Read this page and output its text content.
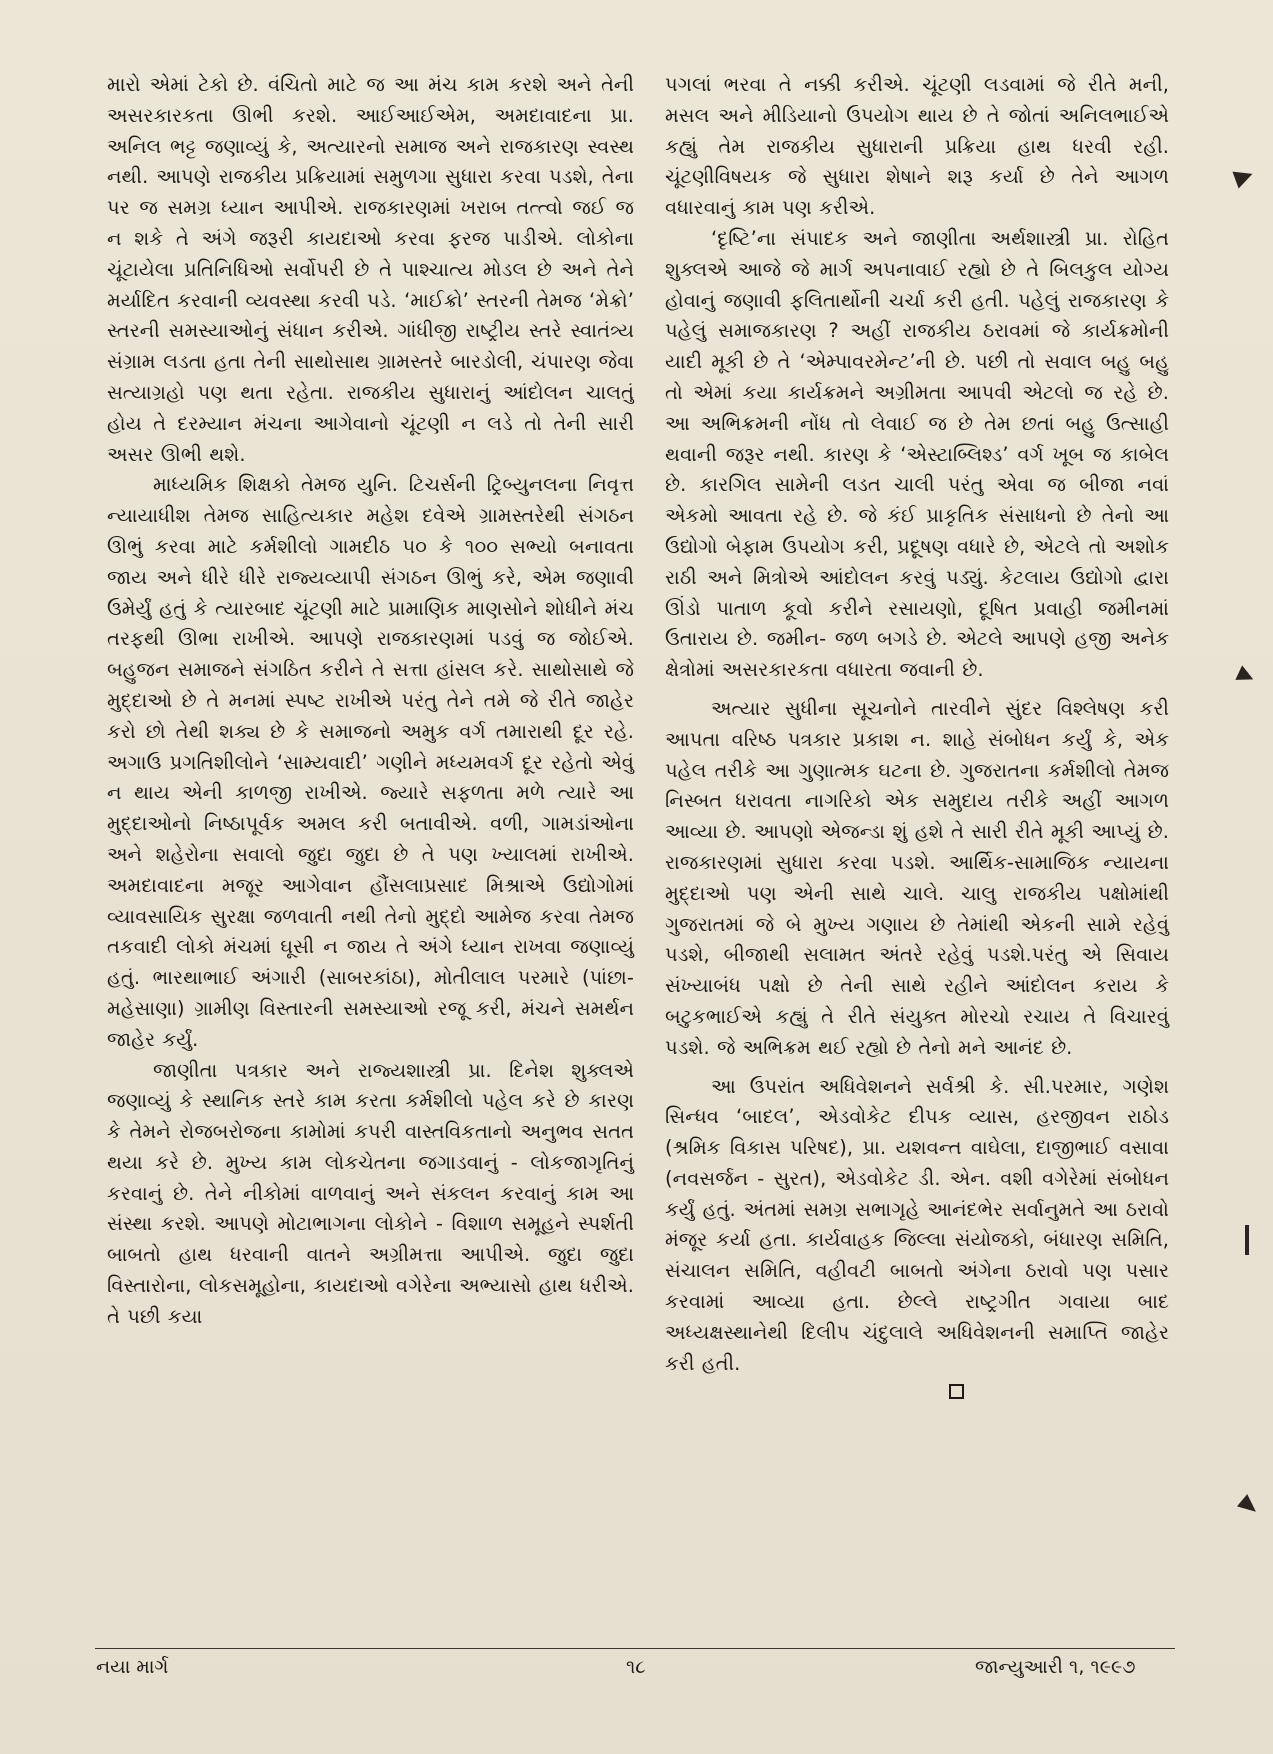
મારો એમાં ટેકો છે. વંચિતો માટે જ આ મંચ કામ કરશે અને તેની અસરકારકતા ઊભી કરશે. આઈઆઈએમ, અમદાવાદના પ્રા. અનિલ ભટ્ટ જણાવ્યું કે, અત્યારનો સમાજ અને રાજકારણ સ્વસ્થ નથી. આપણે રાજકીય પ્રક્રિયામાં સમુળગા સુધારા કરવા પડશે, તેના પર જ સમગ્ર ધ્યાન આપીએ. રાજકારણમાં ખરાબ તત્ત્વો જઈ જ ન શકે તે અંગે જરૂરી કાયદાઓ કરવા ફરજ પાડીએ. લોકોના ચૂંટાયેલા પ્રતિનિધિઓ સર્વોપરી છે તે પાશ્ચાત્ય મોડલ છે અને તેને મર્યાદિત કરવાની વ્યવસ્થા કરવી પડે. ‘માઈક્રો’ સ્તરની તેમજ ‘મેક્રો’ સ્તરની સમસ્યાઓનું સંધાન કરીએ. ગાંધીજી રાષ્ટ્રીય સ્તરે સ્વાતંત્ર્ય સંગ્રામ લડતા હતા તેની સાથોસાથ ગ્રામસ્તરે બારડોલી, ચંપારણ જેવા સત્યાગ્રહો પણ થતા રહેતા. રાજકીય સુધારાનું આંદોલન ચાલતું હોય તે દરમ્યાન મંચના આગેવાનો ચૂંટણી ન લડે તો તેની સારી અસર ઊભી થશે.

માધ્યમિક શિક્ષકો તેમજ યુનિ. ટિચર્સની ટ્રિબ્યુનલના નિવૃત્ત ન્યાયાધીશ તેમજ સાહિત્યકાર મહેશ દવેએ ગ્રામસ્તરેથી સંગઠન ઊભું કરવા માટે કર્મશીલો ગામદીઠ ૫૦ કે ૧૦૦ સભ્યો બનાવતા જાય અને ધીરે ધીરે રાજ્યવ્યાપી સંગઠન ઊભું કરે, એમ જણાવી ઉમેર્યું હતું કે ત્યારબાદ ચૂંટણી માટે પ્રામાણિક માણસોને શોધીને મંચ તરફથી ઊભા રાખીએ. આપણે રાજકારણમાં પડવું જ જોઈએ. બહુજન સમાજને સંગઠિત કરીને તે સત્તા હાંસલ કરે. સાથોસાથે જે મુદ્દાઓ છે તે મનમાં સ્પષ્ટ રાખીએ પરંતુ તેને તમે જે રીતે જાહેર કરો છો તેથી શક્ય છે કે સમાજનો અમુક વર્ગ તમારાથી દૂર રહે. અગાઉ પ્રગતિશીલોને ‘સામ્યવાદી’ ગણીને મધ્યમવર્ગ દૂર રહેતો એવું ન થાય એની કાળજી રાખીએ. જ્યારે સફળતા મળે ત્યારે આ મુદ્દાઓનો નિષ્ઠાપૂર્વક અમલ કરી બતાવીએ. વળી, ગામડાંઓના અને શહેરોના સવાલો જુદા જુદા છે તે પણ ખ્યાલમાં રાખીએ. અમદાવાદના મજૂર આગેવાન હૌંસલાપ્રસાદ મિશ્રાએ ઉદ્યોગોમાં વ્યાવસાયિક સુરક્ષા જળવાતી નથી તેનો મુદ્દો આમેજ કરવા તેમજ તકવાદી લોકો મંચમાં ઘૂસી ન જાય તે અંગે ધ્યાન રાખવા જણાવ્યું હતું. ભારથાભાઈ અંગારી (સાબરકાંઠા), મોતીલાલ પરમારે (પાંછા-મહેસાણા) ગ્રામીણ વિસ્તારની સમસ્યાઓ રજૂ કરી, મંચને સમર્થન જાહેર કર્યું.

જાણીતા પત્રકાર અને રાજ્યશાસ્ત્રી પ્રા. દિનેશ શુક્લએ જણાવ્યું કે સ્થાનિક સ્તરે કામ કરતા કર્મશીલો પહેલ કરે છે કારણ કે તેમને રોજબરોજના કામોમાં કપરી વાસ્તવિકતાનો અનુભવ સતત થયા કરે છે. મુખ્ય કામ લોકચેતના જગાડવાનું - લોકજાગૃતિનું કરવાનું છે. તેને નીકોમાં વાળવાનું અને સંકલન કરવાનું કામ આ સંસ્થા કરશે. આપણે મોટાભાગના લોકોને - વિશાળ સમૂહને સ્પર્શતી બાબતો હાથ ધરવાની વાતને અગ્રીમત્તા આપીએ. જુદા જુદા વિસ્તારોના, લોકસમૂહોના, કાયદાઓ વગેરેના અભ્યાસો હાથ ધરીએ. તે પછી કયા

પગલાં ભરવા તે નક્કી કરીએ. ચૂંટણી લડવામાં જે રીતે મની, મસલ અને મીડિયાનો ઉપયોગ થાય છે તે જોતાં અનિલભાઈએ કહ્યું તેમ રાજકીય સુધારાની પ્રક્રિયા હાથ ધરવી રહી. ચૂંટણીવિષયક જે સુધારા શેષાને શરૂ કર્યા છે તેને આગળ વધારવાનું કામ પણ કરીએ.

‘દૃષ્ટિ’ના સંપાદક અને જાણીતા અર્થશાસ્ત્રી પ્રા. રોહિત શુક્લએ આજે જે માર્ગ અપનાવાઈ રહ્યો છે તે બિલકુલ યોગ્ય હોવાનું જણાવી ફલિતાર્થોની ચર્ચા કરી હતી. પહેલું રાજકારણ કે પહેલું સમાજકારણ ? અહીં રાજકીય ઠરાવમાં જે કાર્યક્રમોની યાદી મૂકી છે તે ‘એમ્પાવરમેન્ટ’ની છે. પછી તો સવાલ બહુ બહુ તો એમાં કયા કાર્યક્રમને અગ્રીમતા આપવી એટલો જ રહે છે. આ અભિક્રમની નોંધ તો લેવાઈ જ છે તેમ છતાં બહુ ઉત્સાહી થવાની જરૂર નથી. કારણ કે ‘એસ્ટાબ્લિશ્ડ’ વર્ગ ખૂબ જ કાબેલ છે. કારગિલ સામેની લડત ચાલી પરંતુ એવા જ બીજા નવાં એકમો આવતા રહે છે. જે કંઈ પ્રાકૃતિક સંસાધનો છે તેનો આ ઉદ્યોગો બેફામ ઉપયોગ કરી, પ્રદૂષણ વધારે છે, એટલે તો અશોક રાઠી અને મિત્રોએ આંદોલન કરવું પડ્યું. કેટલાય ઉદ્યોગો દ્વારા ઊંડો પાતાળ કૂવો કરીને રસાયણો, દૂષિત પ્રવાહી જમીનમાં ઉતારાય છે. જમીન- જળ બગડે છે. એટલે આપણે હજી અનેક ક્ષેત્રોમાં અસરકારકતા વધારતા જવાની છે.

અત્યાર સુધીના સૂચનોને તારવીને સુંદર વિશ્લેષણ કરી આપતા વરિષ્ઠ પત્રકાર પ્રકાશ ન. શાહે સંબોધન કર્યું કે, એક પહેલ તરીકે આ ગુણાત્મક ઘટના છે. ગુજરાતના કર્મશીલો તેમજ નિસ્બત ધરાવતા નાગરિકો એક સમુદાય તરીકે અહીં આગળ આવ્યા છે. આપણો એજન્ડા શું હશે તે સારી રીતે મૂકી આપ્યું છે. રાજકારણમાં સુધારા કરવા પડશે. આર્થિક-સામાજિક ન્યાયના મુદ્દાઓ પણ એની સાથે ચાલે. ચાલુ રાજકીય પક્ષોમાંથી ગુજરાતમાં જે બે મુખ્ય ગણાય છે તેમાંથી એકની સામે રહેવું પડશે, બીજાથી સલામત અંતરે રહેવું પડશે.પરંતુ એ સિવાય સંખ્યાબંધ પક્ષો છે તેની સાથે રહીને આંદોલન કરાય કે બટુકભાઈએ કહ્યું તે રીતે સંયુક્ત મોરચો રચાય તે વિચારવું પડશે. જે અભિક્રમ થઈ રહ્યો છે તેનો મને આનંદ છે.

આ ઉપરાંત અધિવેશનને સર્વશ્રી કે. સી.પરમાર, ગણેશ સિન્ધવ ‘બાદલ’, એડવોકેટ દીપક વ્યાસ, હરજીવન રાઠોડ (શ્રમિક વિકાસ પરિષદ), પ્રા. યશવન્ત વાઘેલા, દાજીભાઈ વસાવા (નવસર્જન - સુરત), એડવોકેટ ડી. એન. વશી વગેરેમાં સંબોધન કર્યું હતું. અંતમાં સમગ્ર સભાગૃહે આનંદભેર સર્વાનુમતે આ ઠરાવો મંજૂર કર્યા હતા. કાર્યવાહક જિલ્લા સંયોજકો, બંધારણ સમિતિ, સંચાલન સમિતિ, વહીવટી બાબતો અંગેના ઠરાવો પણ પસાર કરવામાં આવ્યા હતા. છેલ્લે રાષ્ટ્રગીત ગવાયા બાદ અધ્યક્ષસ્થાનેથી દિલીપ ચંદુલાલે અધિવેશનની સમાપ્તિ જાહેર કરી હતી.

નયા માર્ગ	૧૮	જાન્યુઆરી ૧, ૧૯૯૭
